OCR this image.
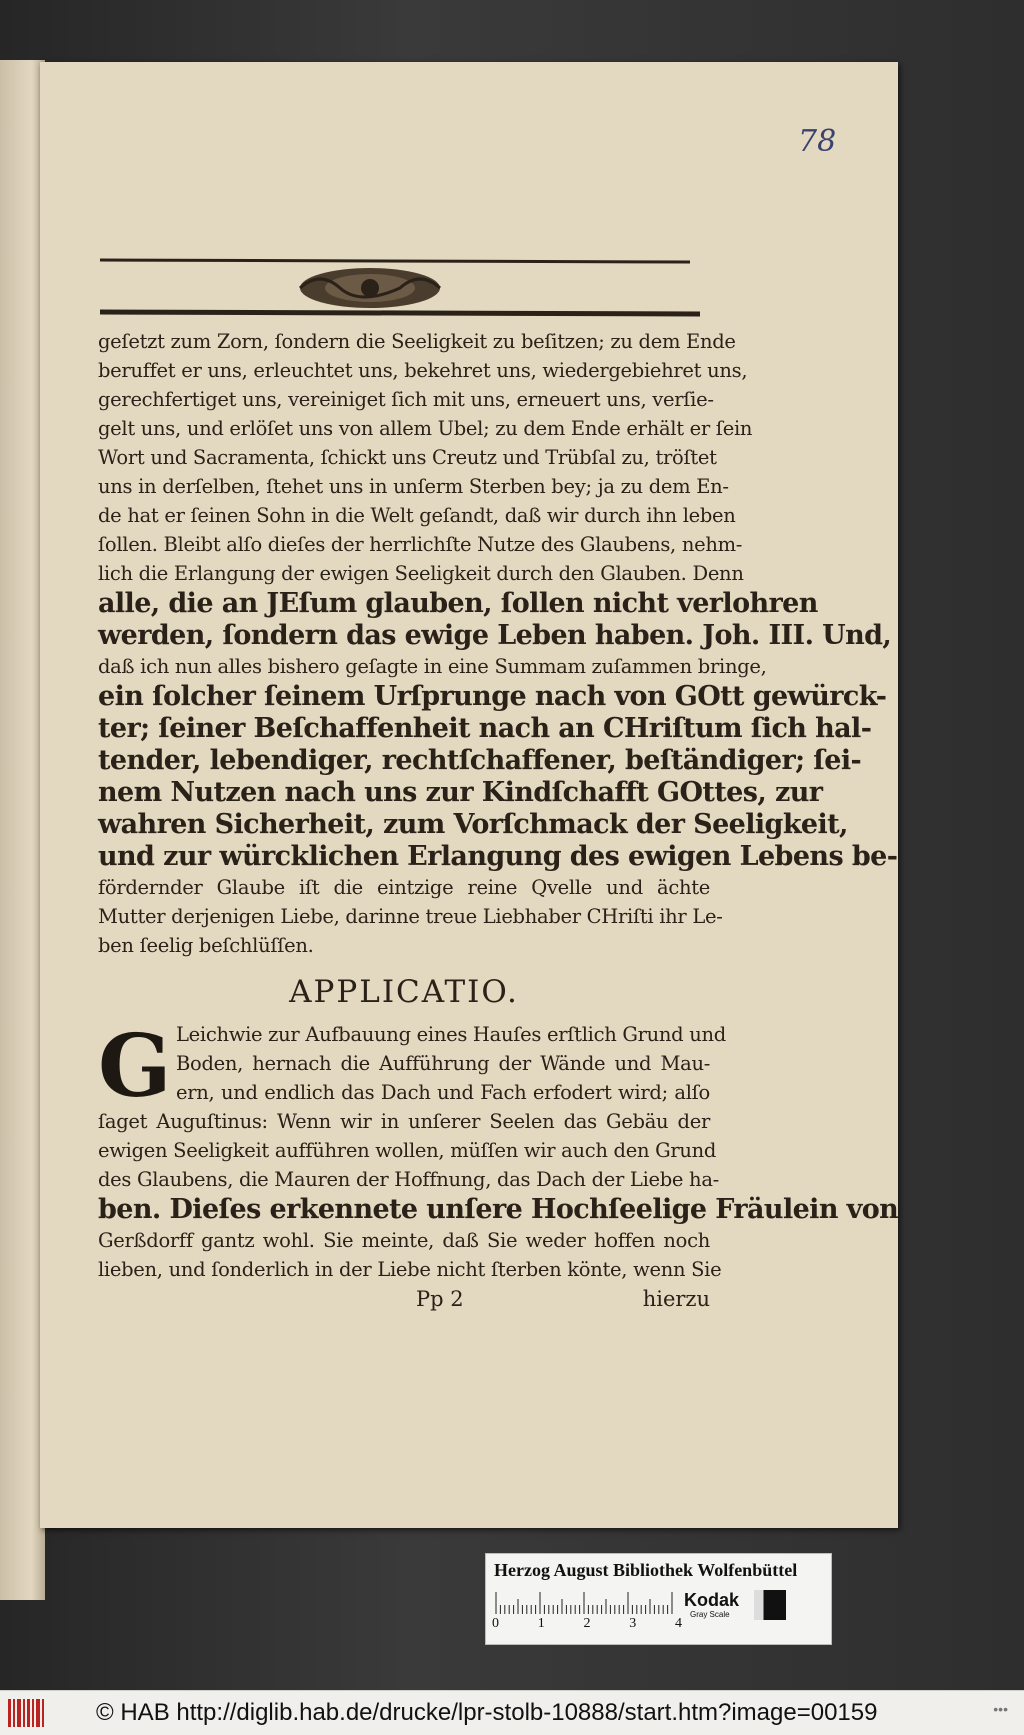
78
geſetzt zum Zorn, ſondern die Seeligkeit zu beſitzen; zu dem Ende
beruffet er uns, erleuchtet uns, bekehret uns, wiedergebiehret uns,
gerechfertiget uns, vereiniget ſich mit uns, erneuert uns, verſie-
gelt uns, und erlöſet uns von allem Ubel; zu dem Ende erhält er ſein
Wort und Sacramenta, ſchickt uns Creutz und Trübſal zu, tröſtet
uns in derſelben, ſtehet uns in unſerm Sterben bey; ja zu dem En-
de hat er ſeinen Sohn in die Welt geſandt, daß wir durch ihn leben
ſollen. Bleibt alſo dieſes der herrlichſte Nutze des Glaubens, nehm-
lich die Erlangung der ewigen Seeligkeit durch den Glauben. Denn
alle, die an JEſum glauben, ſollen nicht verlohren
werden, ſondern das ewige Leben haben. Joh. III. Und,
daß ich nun alles bishero geſagte in eine Summam zuſammen bringe,
ein ſolcher ſeinem Urſprunge nach von GOtt gewürck-
ter; ſeiner Beſchaffenheit nach an CHriſtum ſich hal-
tender, lebendiger, rechtſchaffener, beſtändiger; ſei-
nem Nutzen nach uns zur Kindſchafft GOttes, zur
wahren Sicherheit, zum Vorſchmack der Seeligkeit,
und zur würcklichen Erlangung des ewigen Lebens be-
fördernder Glaube iſt die eintzige reine Qvelle und ächte
Mutter derjenigen Liebe, darinne treue Liebhaber CHriſti ihr Le-
ben ſeelig beſchlüſſen.
APPLICATIO.
G Leichwie zur Aufbauung eines Hauſes erſtlich Grund und
Boden, hernach die Aufführung der Wände und Mau-
ern, und endlich das Dach und Fach erfodert wird; alſo
ſaget Auguſtinus: Wenn wir in unſerer Seelen das Gebäu der
ewigen Seeligkeit aufführen wollen, müſſen wir auch den Grund
des Glaubens, die Mauren der Hoffnung, das Dach der Liebe ha-
ben. Dieſes erkennete unſere Hochſeelige Fräulein von
Gerßdorff gantz wohl. Sie meinte, daß Sie weder hoffen noch
lieben, und ſonderlich in der Liebe nicht ſterben könte, wenn Sie
Pp 2	hierzu
Herzog August Bibliothek Wolfenbüttel
0	1	2	3	4
Kodak
Gray Scale
© HAB http://diglib.hab.de/drucke/lpr-stolb-10888/start.htm?image=00159	•••
